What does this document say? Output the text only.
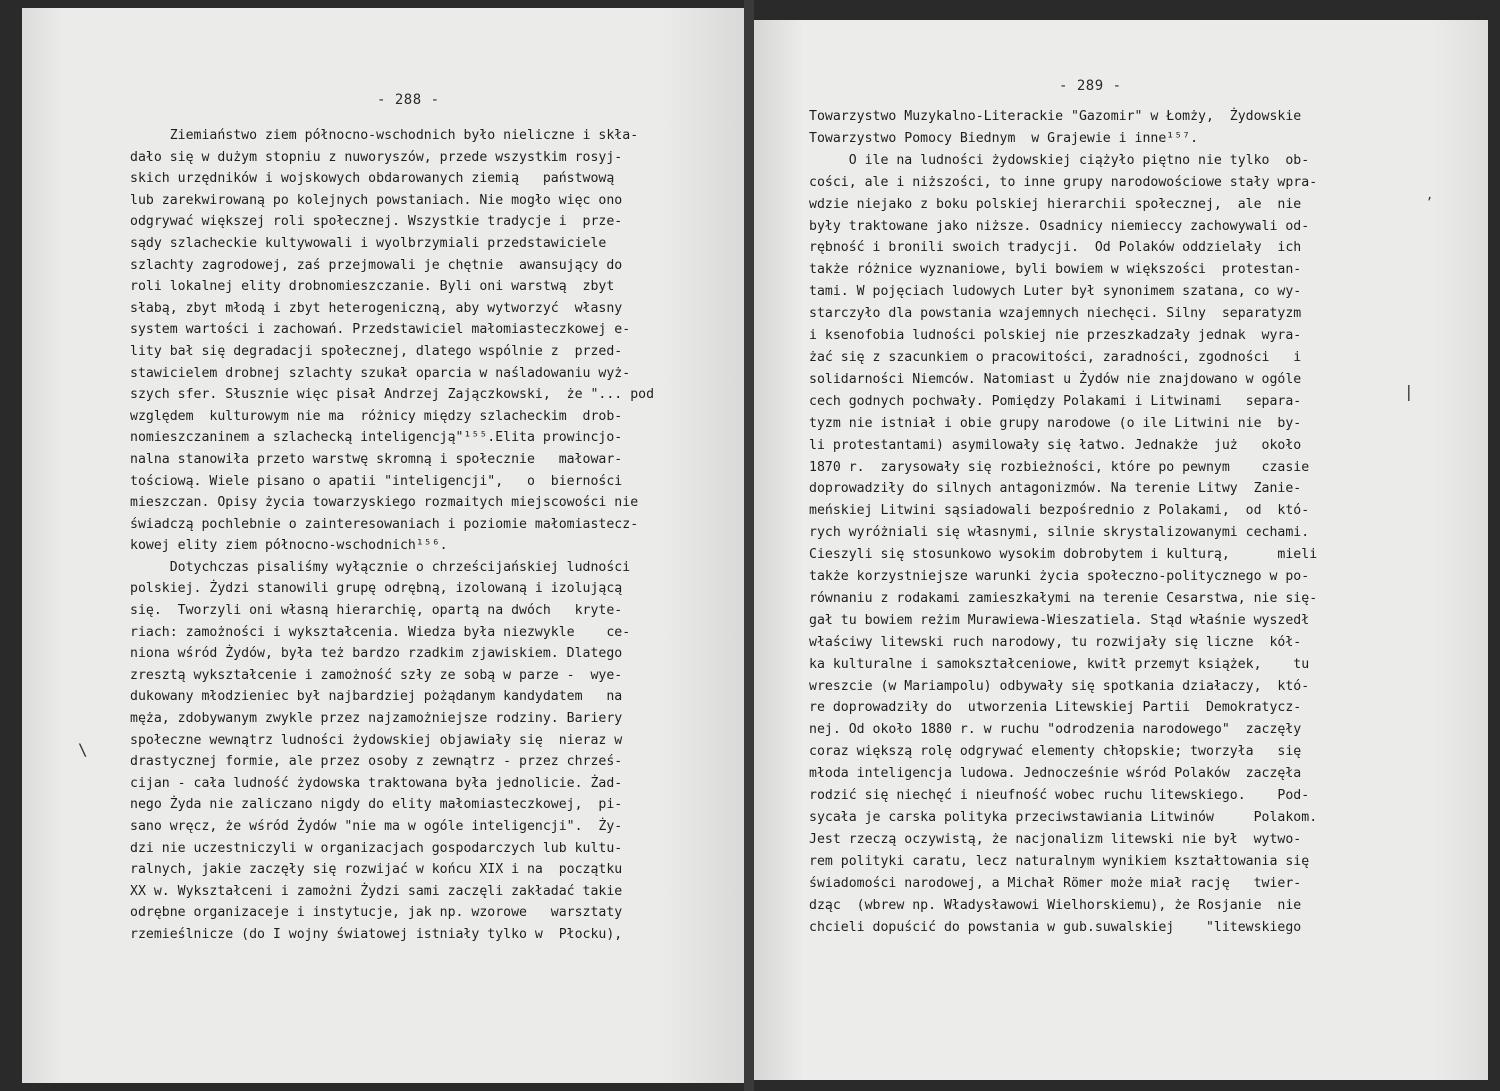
- 288 -
Ziemiaństwo ziem północno-wschodnich było nieliczne i skła-
dało się w dużym stopniu z nuworyszów, przede wszystkim rosyj-
skich urzędników i wojskowych obdarowanych ziemią   państwową
lub zarekwirowaną po kolejnych powstaniach. Nie mogło więc ono
odgrywać większej roli społecznej. Wszystkie tradycje i  prze-
sądy szlacheckie kultywowali i wyolbrzymiali przedstawiciele
szlachty zagrodowej, zaś przejmowali je chętnie  awansujący do
roli lokalnej elity drobnomieszczanie. Byli oni warstwą  zbyt
słabą, zbyt młodą i zbyt heterogeniczną, aby wytworzyć  własny
system wartości i zachowań. Przedstawiciel małomiasteczkowej e-
lity bał się degradacji społecznej, dlatego wspólnie z  przed-
stawicielem drobnej szlachty szukał oparcia w naśladowaniu wyż-
szych sfer. Słusznie więc pisał Andrzej Zajączkowski,  że "... pod
względem  kulturowym nie ma  różnicy między szlacheckim  drob-
nomieszczaninem a szlachecką inteligencją"¹⁵⁵.Elita prowincjo-
nalna stanowiła przeto warstwę skromną i społecznie   małowar-
tościową. Wiele pisano o apatii "inteligencji",   o  bierności
mieszczan. Opisy życia towarzyskiego rozmaitych miejscowości nie
świadczą pochlebnie o zainteresowaniach i poziomie małomiastecz-
kowej elity ziem północno-wschodnich¹⁵⁶.
Dotychczas pisaliśmy wyłącznie o chrześcijańskiej ludności
polskiej. Żydzi stanowili grupę odrębną, izolowaną i izolującą
się.  Tworzyli oni własną hierarchię, opartą na dwóch   kryte-
riach: zamożności i wykształcenia. Wiedza była niezwykle    ce-
niona wśród Żydów, była też bardzo rzadkim zjawiskiem. Dlatego
zresztą wykształcenie i zamożność szły ze sobą w parze -  wye-
dukowany młodzieniec był najbardziej pożądanym kandydatem   na
męża, zdobywanym zwykle przez najzamożniejsze rodziny. Bariery
społeczne wewnątrz ludności żydowskiej objawiały się  nieraz w
drastycznej formie, ale przez osoby z zewnątrz - przez chrześ-
cijan - cała ludność żydowska traktowana była jednolicie. Żad-
nego Żyda nie zaliczano nigdy do elity małomiasteczkowej,  pi-
sano wręcz, że wśród Żydów "nie ma w ogóle inteligencji".  Ży-
dzi nie uczestniczyli w organizacjach gospodarczych lub kultu-
ralnych, jakie zaczęły się rozwijać w końcu XIX i na  początku
XX w. Wykształceni i zamożni Żydzi sami zaczęli zakładać takie
odrębne organizaceje i instytucje, jak np. wzorowe   warsztaty
rzemieślnicze (do I wojny światowej istniały tylko w  Płocku),
\
- 289 -
Towarzystwo Muzykalno-Literackie "Gazomir" w Łomży,  Żydowskie
Towarzystwo Pomocy Biednym  w Grajewie i inne¹⁵⁷.
O ile na ludności żydowskiej ciążyło piętno nie tylko  ob-
cości, ale i niższości, to inne grupy narodowościowe stały wpra-
wdzie niejako z boku polskiej hierarchii społecznej,  ale  nie
były traktowane jako niższe. Osadnicy niemieccy zachowywali od-
rębność i bronili swoich tradycji.  Od Polaków oddzielały  ich
także różnice wyznaniowe, byli bowiem w większości  protestan-
tami. W pojęciach ludowych Luter był synonimem szatana, co wy-
starczyło dla powstania wzajemnych niechęci. Silny  separatyzm
i ksenofobia ludności polskiej nie przeszkadzały jednak  wyra-
żać się z szacunkiem o pracowitości, zaradności, zgodności   i
solidarności Niemców. Natomiast u Żydów nie znajdowano w ogóle
cech godnych pochwały. Pomiędzy Polakami i Litwinami   separa-
tyzm nie istniał i obie grupy narodowe (o ile Litwini nie  by-
li protestantami) asymilowały się łatwo. Jednakże  już   około
1870 r.  zarysowały się rozbieżności, które po pewnym    czasie
doprowadziły do silnych antagonizmów. Na terenie Litwy  Zanie-
meńskiej Litwini sąsiadowali bezpośrednio z Polakami,  od  któ-
rych wyróżniali się własnymi, silnie skrystalizowanymi cechami.
Cieszyli się stosunkowo wysokim dobrobytem i kulturą,      mieli
także korzystniejsze warunki życia społeczno-politycznego w po-
równaniu z rodakami zamieszkałymi na terenie Cesarstwa, nie się-
gał tu bowiem reżim Murawiewa-Wieszatiela. Stąd właśnie wyszedł
właściwy litewski ruch narodowy, tu rozwijały się liczne  kół-
ka kulturalne i samokształceniowe, kwitł przemyt książek,    tu
wreszcie (w Mariampolu) odbywały się spotkania działaczy,  któ-
re doprowadziły do  utworzenia Litewskiej Partii  Demokratycz-
nej. Od około 1880 r. w ruchu "odrodzenia narodowego"  zaczęły
coraz większą rolę odgrywać elementy chłopskie; tworzyła   się
młoda inteligencja ludowa. Jednocześnie wśród Polaków  zaczęła
rodzić się niechęć i nieufność wobec ruchu litewskiego.    Pod-
sycała je carska polityka przeciwstawiania Litwinów     Polakom.
Jest rzeczą oczywistą, że nacjonalizm litewski nie był  wytwo-
rem polityki caratu, lecz naturalnym wynikiem kształtowania się
świadomości narodowej, a Michał Römer może miał rację   twier-
dząc  (wbrew np. Władysławowi Wielhorskiemu), że Rosjanie  nie
chcieli dopuścić do powstania w gub.suwalskiej    "litewskiego
,
|
